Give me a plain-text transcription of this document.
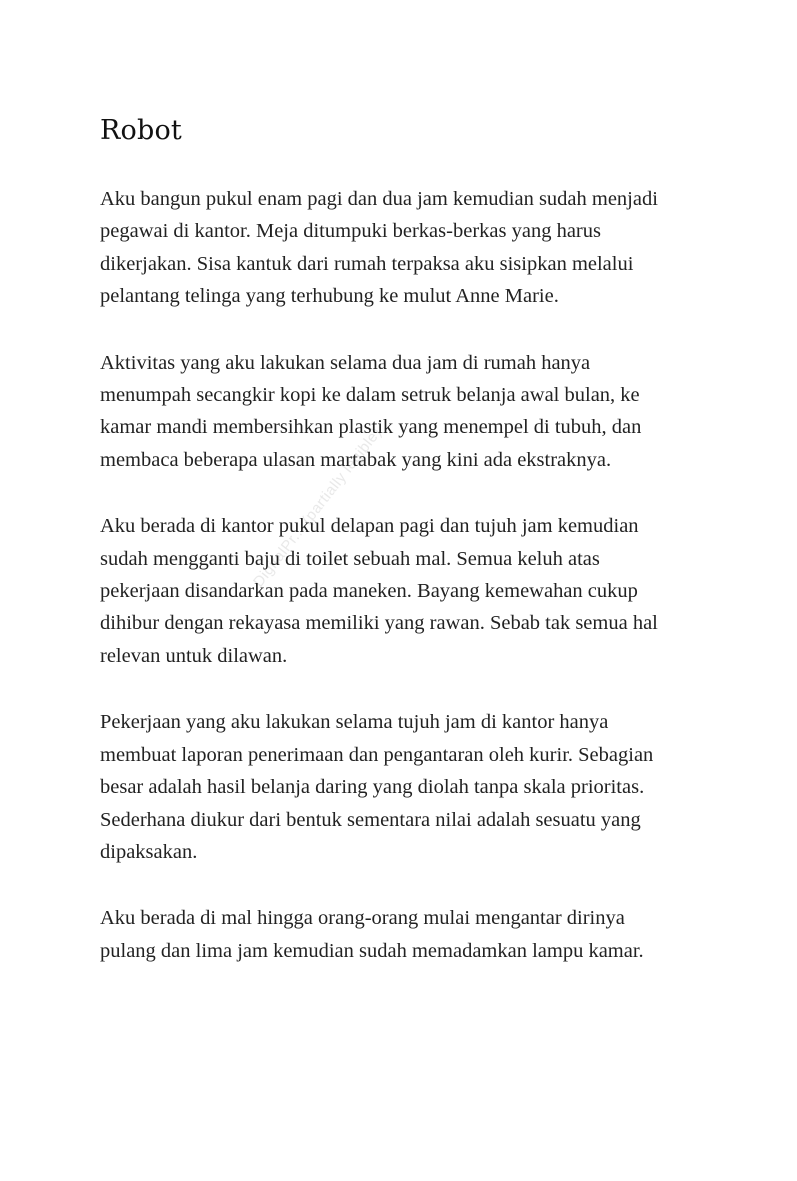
DigitalPr... (partially legible)
Robot

Aku bangun pukul enam pagi dan dua jam kemudian sudah menjadi
pegawai di kantor. Meja ditumpuki berkas-berkas yang harus
dikerjakan. Sisa kantuk dari rumah terpaksa aku sisipkan melalui
pelantang telinga yang terhubung ke mulut Anne Marie.

Aktivitas yang aku lakukan selama dua jam di rumah hanya
menumpah secangkir kopi ke dalam setruk belanja awal bulan, ke
kamar mandi membersihkan plastik yang menempel di tubuh, dan
membaca beberapa ulasan martabak yang kini ada ekstraknya.

Aku berada di kantor pukul delapan pagi dan tujuh jam kemudian
sudah mengganti baju di toilet sebuah mal. Semua keluh atas
pekerjaan disandarkan pada maneken. Bayang kemewahan cukup
dihibur dengan rekayasa memiliki yang rawan. Sebab tak semua hal
relevan untuk dilawan.

Pekerjaan yang aku lakukan selama tujuh jam di kantor hanya
membuat laporan penerimaan dan pengantaran oleh kurir. Sebagian
besar adalah hasil belanja daring yang diolah tanpa skala prioritas.
Sederhana diukur dari bentuk sementara nilai adalah sesuatu yang
dipaksakan.

Aku berada di mal hingga orang-orang mulai mengantar dirinya
pulang dan lima jam kemudian sudah memadamkan lampu kamar.
